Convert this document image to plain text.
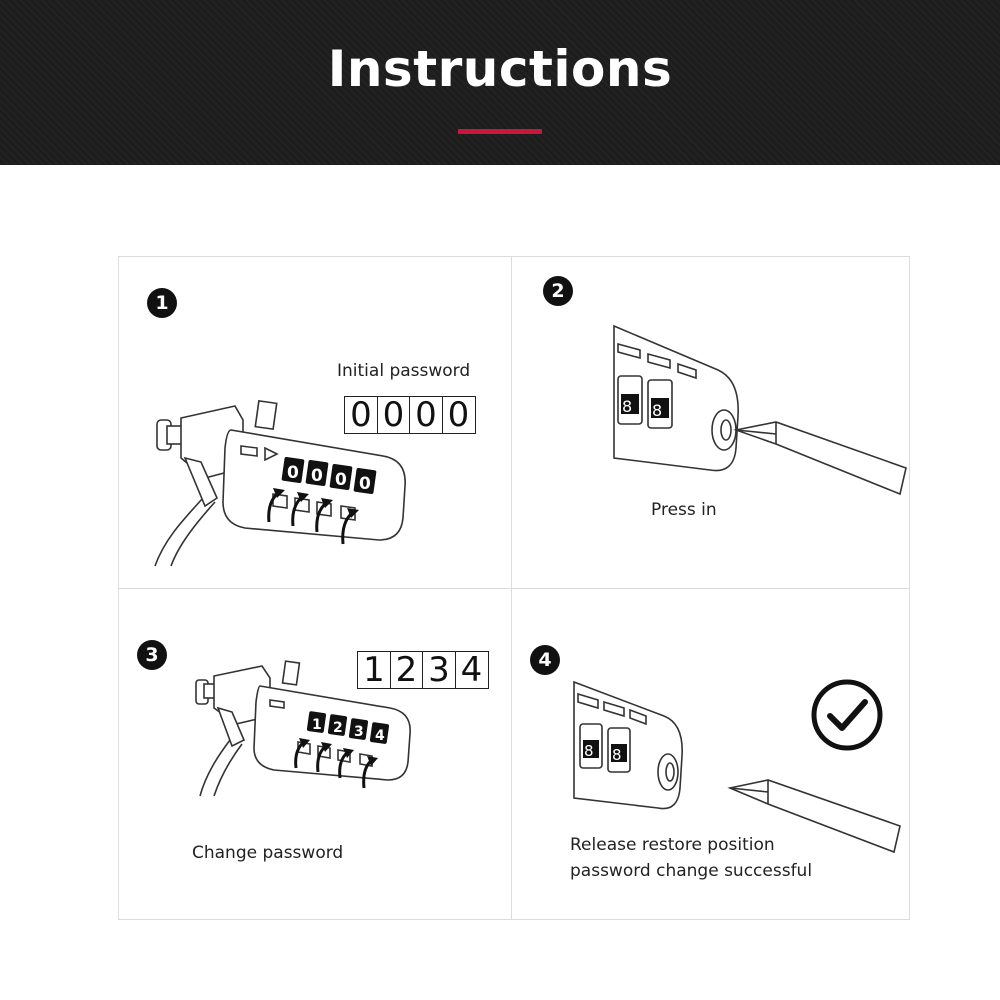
Instructions
1
Initial password
0 0 0 0
0 0 0 0
2
8 8
Press in
3	1 2 3 4
1 2 3 4
Change password
4
8 8
Release restore position
password change successful
